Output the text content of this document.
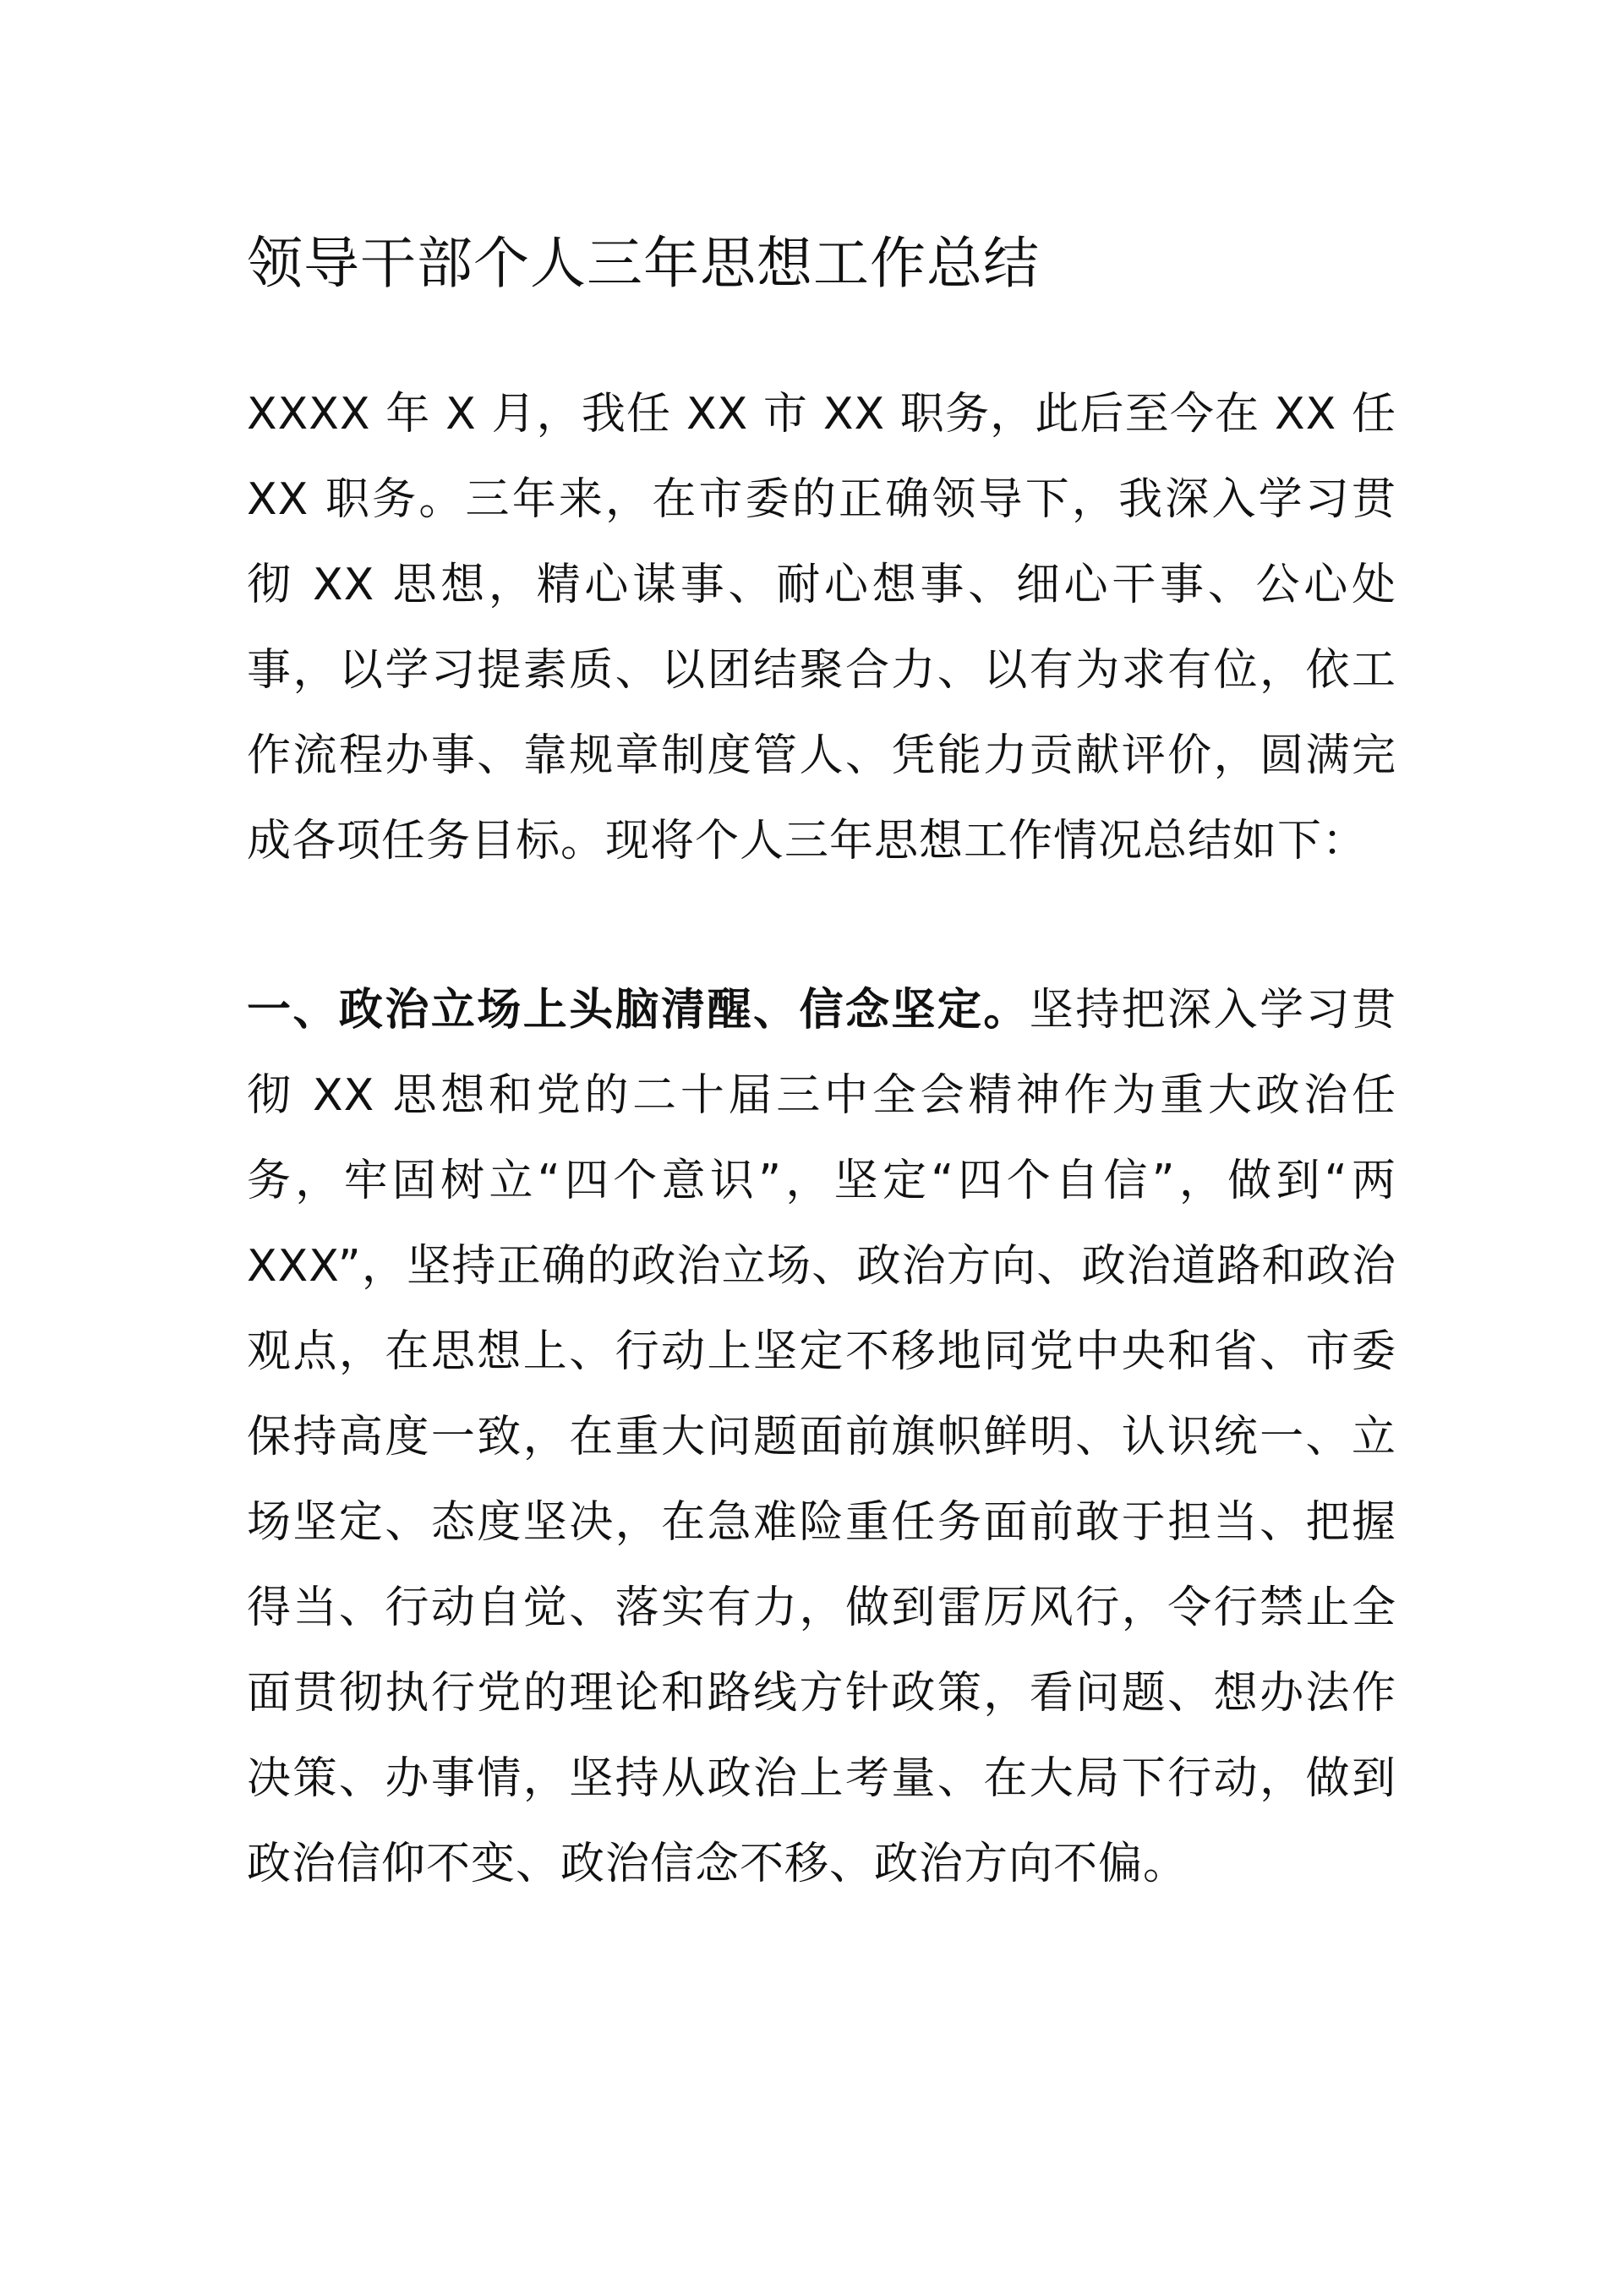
领导干部个人三年思想工作总结

XXXX 年 X 月，我任 XX 市 XX 职务，此后至今在 XX 任 XX 职务。三年来，在市委的正确领导下，我深入学习贯彻 XX 思想，精心谋事、耐心想事、细心干事、公心处事，以学习提素质、以团结聚合力、以有为求有位，依工作流程办事、靠规章制度管人、凭能力贡献评价，圆满完成各项任务目标。现将个人三年思想工作情况总结如下：

一、政治立场上头脑清醒、信念坚定。坚持把深入学习贯彻 XX 思想和党的二十届三中全会精神作为重大政治任务，牢固树立“四个意识”，坚定“四个自信”，做到“两 XXX”，坚持正确的政治立场、政治方向、政治道路和政治观点，在思想上、行动上坚定不移地同党中央和省、市委保持高度一致，在重大问题面前旗帜鲜明、认识统一、立场坚定、态度坚决，在急难险重任务面前敢于担当、把握得当、行动自觉、落实有力，做到雷厉风行，令行禁止全面贯彻执行党的理论和路线方针政策，看问题、想办法作决策、办事情，坚持从政治上考量、在大局下行动，做到政治信仰不变、政治信念不移、政治方向不偏。
